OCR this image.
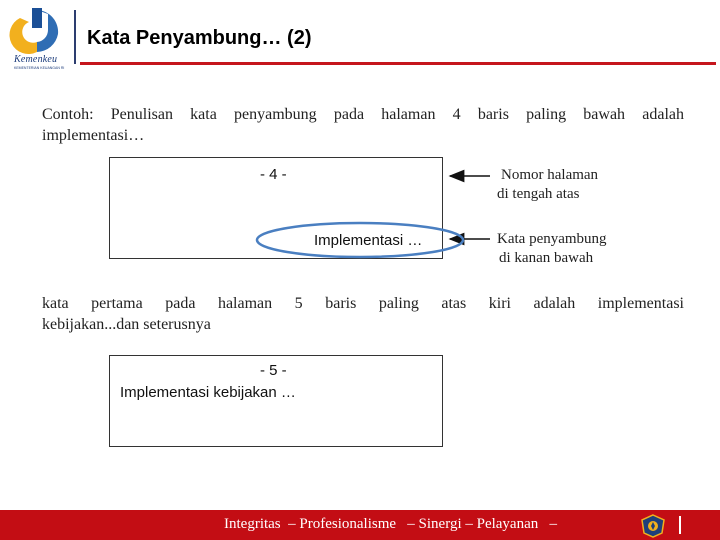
Kemenkeu
KEMENTERIAN KEUANGAN RI
Kata Penyambung… (2)
Contoh: Penulisan kata penyambung pada halaman 4 baris paling bawah adalah
implementasi…
- 4 -
Implementasi …
Nomor halaman
di tengah atas
Kata penyambung
di kanan bawah
kata pertama pada halaman 5 baris paling atas kiri adalah implementasi
kebijakan...dan seterusnya
- 5 -
Implementasi kebijakan …
Integritas  – Profesionalisme   – Sinergi – Pelayanan   –
